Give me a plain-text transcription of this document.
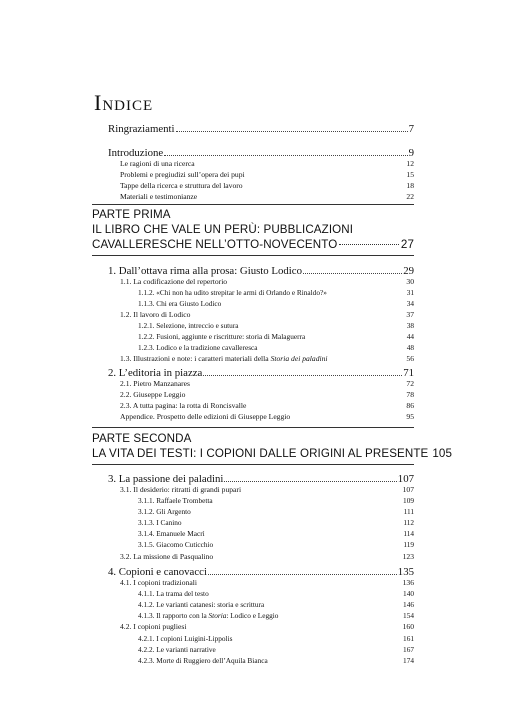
Indice
Ringraziamenti	7
Introduzione	9
Le ragioni di una ricerca	12
Problemi e pregiudizi sull’opera dei pupi	15
Tappe della ricerca e struttura del lavoro	18
Materiali e testimonianze	22
PARTE PRIMA
IL LIBRO CHE VALE UN PERÙ: PUBBLICAZIONI
CAVALLERESCHE NELL’OTTO-NOVECENTO	27
1. Dall’ottava rima alla prosa: Giusto Lodico	29
1.1. La codificazione del repertorio	30
1.1.2. «Chi non ha udito strepitar le armi di Orlando e Rinaldo?»	31
1.1.3. Chi era Giusto Lodico	34
1.2. Il lavoro di Lodico	37
1.2.1. Selezione, intreccio e sutura	38
1.2.2. Fusioni, aggiunte e riscritture: storia di Malaguerra	44
1.2.3. Lodico e la tradizione cavalleresca	48
1.3. Illustrazioni e note: i caratteri materiali della Storia dei paladini	56
2. L’editoria in piazza	71
2.1. Pietro Manzanares	72
2.2. Giuseppe Leggio	78
2.3. A tutta pagina: la rotta di Roncisvalle	86
Appendice. Prospetto delle edizioni di Giuseppe Leggio	95
PARTE SECONDA
LA VITA DEI TESTI: I COPIONI DALLE ORIGINI AL PRESENTE 105
3. La passione dei paladini	107
3.1. Il desiderio: ritratti di grandi pupari	107
3.1.1. Raffaele Trombetta	109
3.1.2. Gli Argento	111
3.1.3. I Canino	112
3.1.4. Emanuele Macrì	114
3.1.5. Giacomo Cuticchio	119
3.2. La missione di Pasqualino	123
4. Copioni e canovacci	135
4.1. I copioni tradizionali	136
4.1.1. La trama del testo	140
4.1.2. Le varianti catanesi: storia e scrittura	146
4.1.3. Il rapporto con la Storia: Lodico e Leggio	154
4.2. I copioni pugliesi	160
4.2.1. I copioni Luigini-Lippolis	161
4.2.2. Le varianti narrative	167
4.2.3. Morte di Ruggiero dell’Aquila Bianca	174
